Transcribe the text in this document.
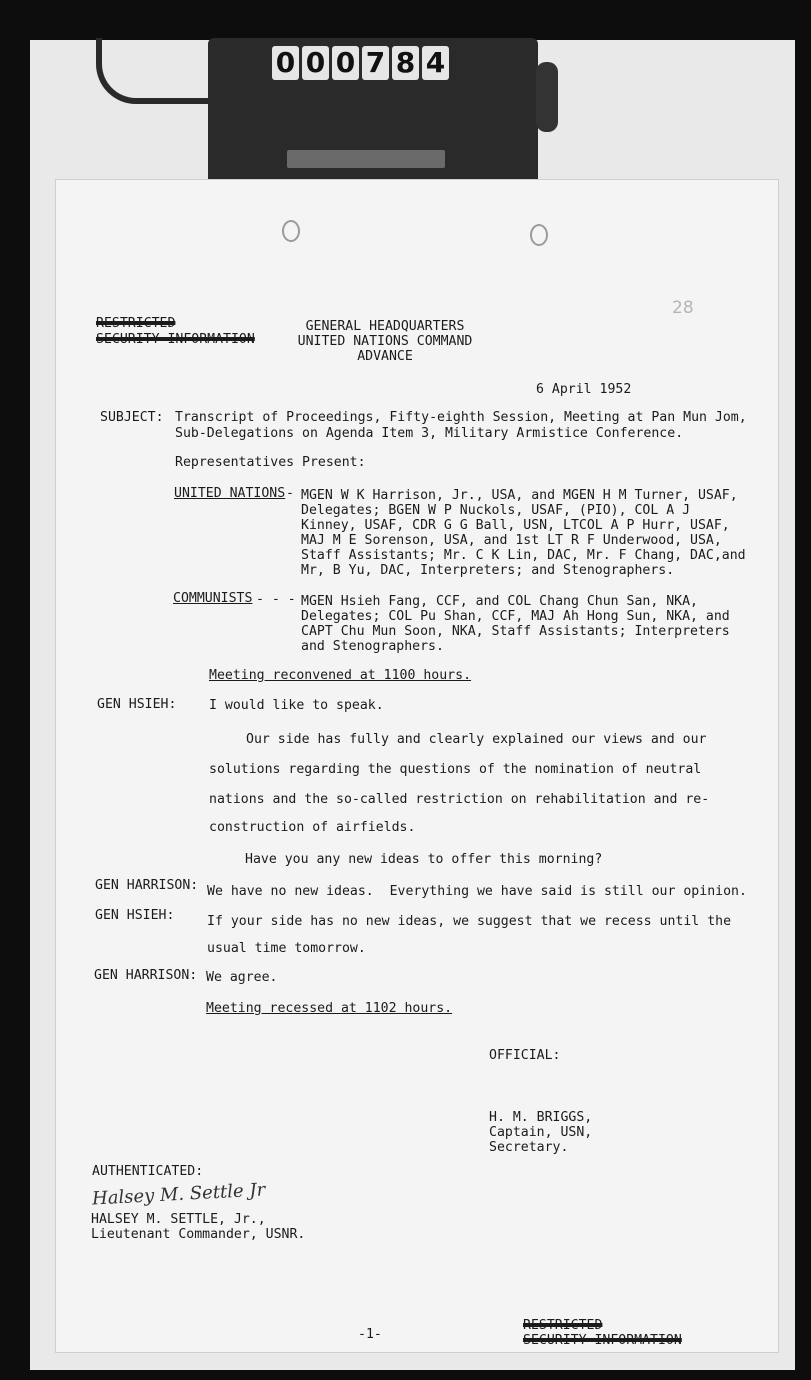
0 0 0 7 8 4
28
RESTRICTED
SECURITY INFORMATION
GENERAL HEADQUARTERS
UNITED NATIONS COMMAND
ADVANCE
6 April 1952
SUBJECT: Transcript of Proceedings, Fifty-eighth Session, Meeting at Pan Mun Jom,
Sub-Delegations on Agenda Item 3, Military Armistice Conference.
Representatives Present:
UNITED NATIONS - MGEN W K Harrison, Jr., USA, and MGEN H M Turner, USAF,
Delegates; BGEN W P Nuckols, USAF, (PIO), COL A J
Kinney, USAF, CDR G G Ball, USN, LTCOL A P Hurr, USAF,
MAJ M E Sorenson, USA, and 1st LT R F Underwood, USA,
Staff Assistants; Mr. C K Lin, DAC, Mr. F Chang, DAC,and
Mr, B Yu, DAC, Interpreters; and Stenographers.
COMMUNISTS - - - MGEN Hsieh Fang, CCF, and COL Chang Chun San, NKA,
Delegates; COL Pu Shan, CCF, MAJ Ah Hong Sun, NKA, and
CAPT Chu Mun Soon, NKA, Staff Assistants; Interpreters
and Stenographers.
Meeting reconvened at 1100 hours.
GEN HSIEH: I would like to speak.
Our side has fully and clearly explained our views and our
solutions regarding the questions of the nomination of neutral
nations and the so-called restriction on rehabilitation and re-
construction of airfields.
Have you any new ideas to offer this morning?
GEN HARRISON: We have no new ideas.  Everything we have said is still our opinion.
GEN HSIEH: If your side has no new ideas, we suggest that we recess until the
usual time tomorrow.
GEN HARRISON: We agree.
Meeting recessed at 1102 hours.
OFFICIAL:
H. M. BRIGGS,
Captain, USN,
Secretary.
AUTHENTICATED:
Halsey M. Settle Jr
HALSEY M. SETTLE, Jr.,
Lieutenant Commander, USNR.
-1-
RESTRICTED
SECURITY INFORMATION
